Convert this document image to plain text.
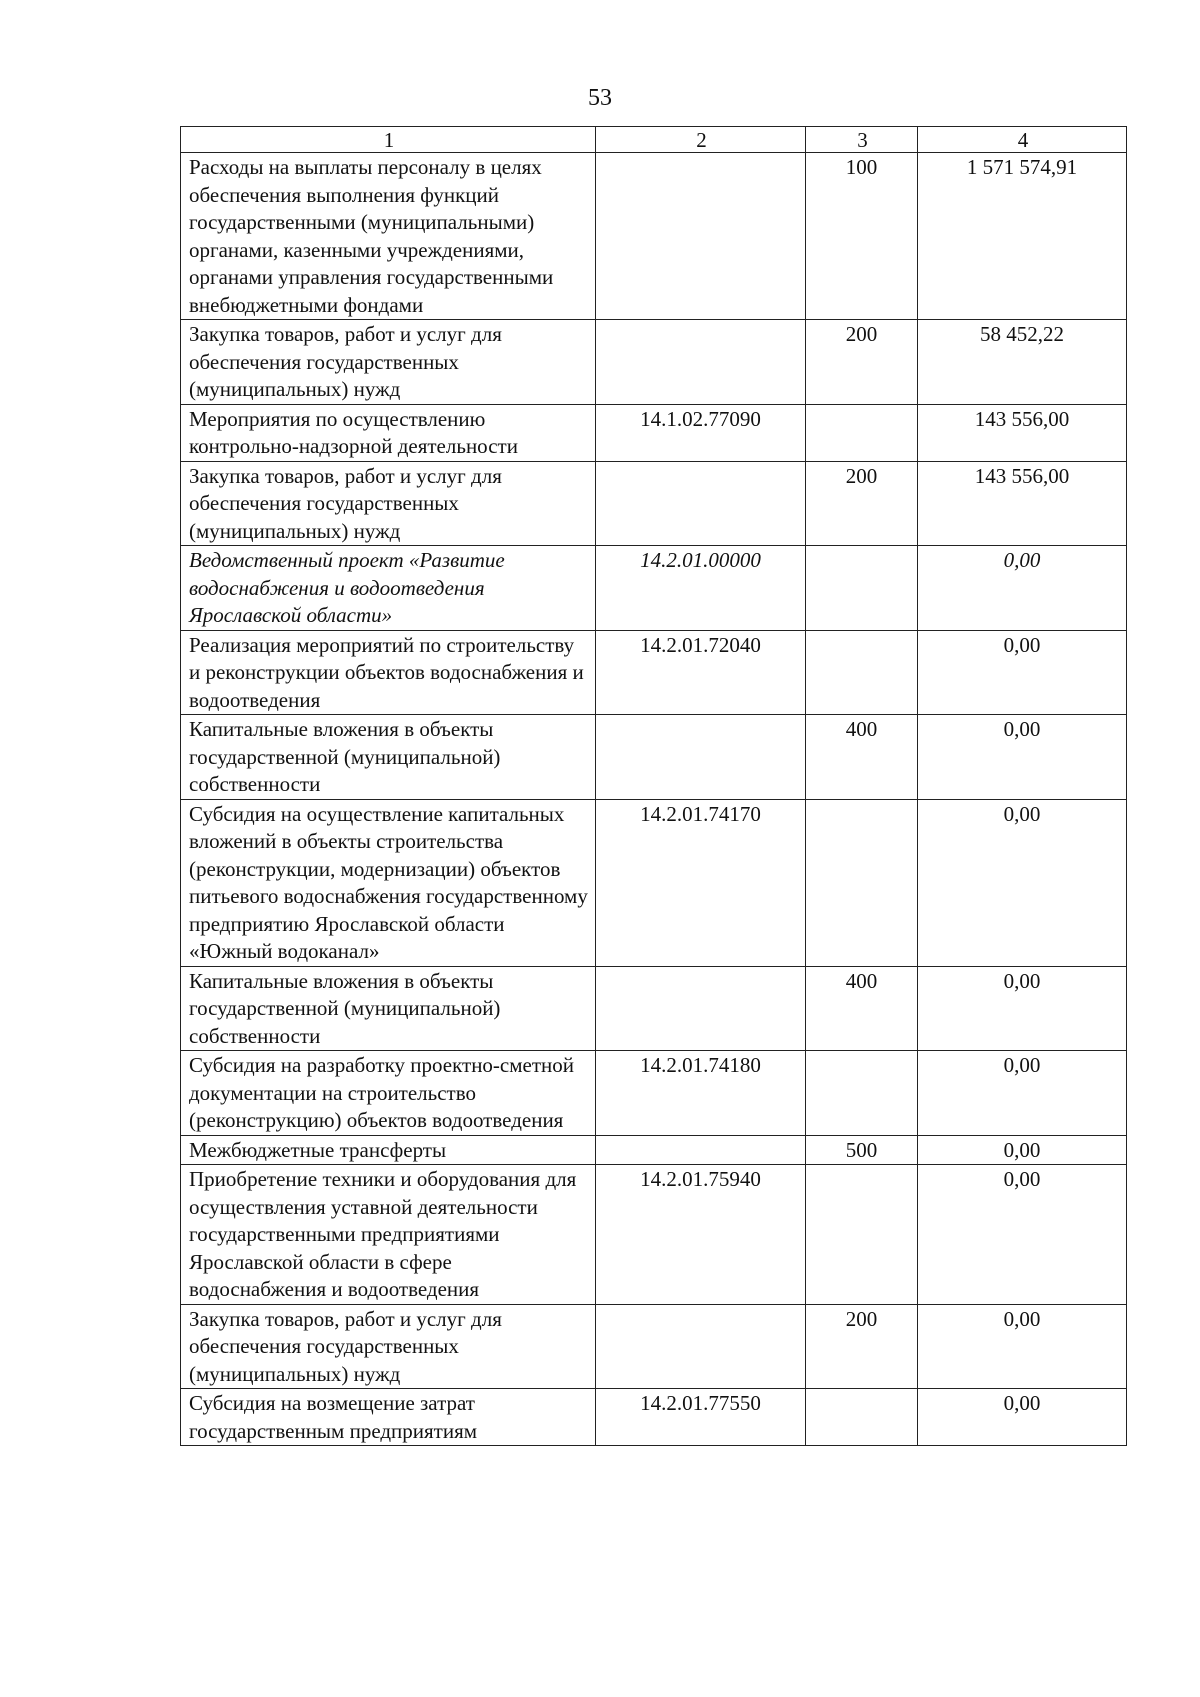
53
1	2	3	4
Расходы на выплаты персоналу в целях обеспечения выполнения функций государственными (муниципальными) органами, казенными учреждениями, органами управления государственными внебюджетными фондами		100	1 571 574,91
Закупка товаров, работ и услуг для обеспечения государственных (муниципальных) нужд		200	58 452,22
Мероприятия по осуществлению контрольно-надзорной деятельности	14.1.02.77090		143 556,00
Закупка товаров, работ и услуг для обеспечения государственных (муниципальных) нужд		200	143 556,00
Ведомственный проект «Развитие водоснабжения и водоотведения Ярославской области»	14.2.01.00000		0,00
Реализация мероприятий по строительству и реконструкции объектов водоснабжения и водоотведения	14.2.01.72040		0,00
Капитальные вложения в объекты государственной (муниципальной) собственности		400	0,00
Субсидия на осуществление капитальных вложений в объекты строительства (реконструкции, модернизации) объектов питьевого водоснабжения государственному предприятию Ярославской области «Южный водоканал»	14.2.01.74170		0,00
Капитальные вложения в объекты государственной (муниципальной) собственности		400	0,00
Субсидия на разработку проектно-сметной документации на строительство (реконструкцию) объектов водоотведения	14.2.01.74180		0,00
Межбюджетные трансферты		500	0,00
Приобретение техники и оборудования для осуществления уставной деятельности государственными предприятиями Ярославской области в сфере водоснабжения и водоотведения	14.2.01.75940		0,00
Закупка товаров, работ и услуг для обеспечения государственных (муниципальных) нужд		200	0,00
Субсидия на возмещение затрат государственным предприятиям	14.2.01.77550		0,00
